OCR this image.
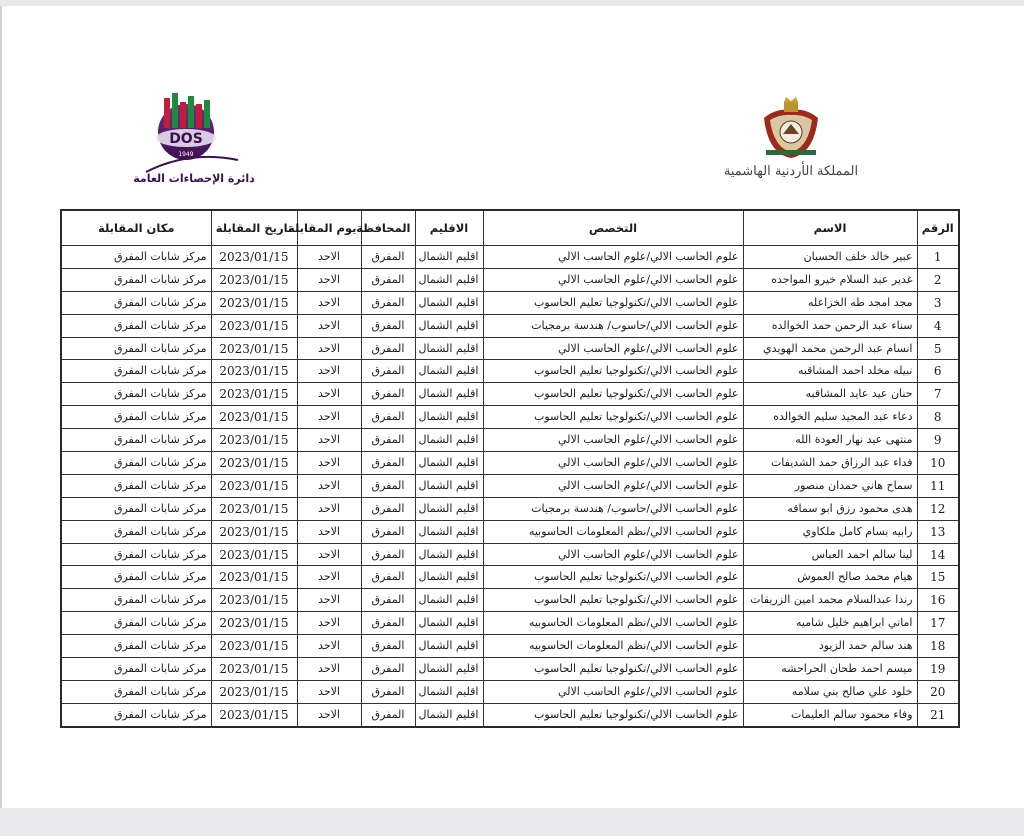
DOS
1949
دائرة الإحصاءات العامة	المملكة الأردنية الهاشمية
الرقم	الاسم	التخصص	الاقليم	المحافظة	يوم المقابلة	تاريخ المقابلة	مكان المقابلة
1	عبير خالد خلف الحسبان	علوم الحاسب الالي/علوم الحاسب الالي	اقليم الشمال	المفرق	الاحد	2023/01/15	مركز شابات المفرق
2	غدير عبد السلام خيرو المواجده	علوم الحاسب الالي/علوم الحاسب الالي	اقليم الشمال	المفرق	الاحد	2023/01/15	مركز شابات المفرق
3	مجد امجد طه الخزاعله	علوم الحاسب الالي/تكنولوجيا تعليم الحاسوب	اقليم الشمال	المفرق	الاحد	2023/01/15	مركز شابات المفرق
4	سناء عبد الرحمن حمد الخوالده	علوم الحاسب الالي/حاسوب/ هندسة برمجيات	اقليم الشمال	المفرق	الاحد	2023/01/15	مركز شابات المفرق
5	انسام عبد الرحمن محمد الهويدي	علوم الحاسب الالي/علوم الحاسب الالي	اقليم الشمال	المفرق	الاحد	2023/01/15	مركز شابات المفرق
6	نبيله مخلد احمد المشاقبه	علوم الحاسب الالي/تكنولوجيا تعليم الحاسوب	اقليم الشمال	المفرق	الاحد	2023/01/15	مركز شابات المفرق
7	حنان عيد عايد المشاقبه	علوم الحاسب الالي/تكنولوجيا تعليم الحاسوب	اقليم الشمال	المفرق	الاحد	2023/01/15	مركز شابات المفرق
8	دعاء عبد المجيد سليم الخوالده	علوم الحاسب الالي/تكنولوجيا تعليم الحاسوب	اقليم الشمال	المفرق	الاحد	2023/01/15	مركز شابات المفرق
9	منتهى عيد نهار العودة الله	علوم الحاسب الالي/علوم الحاسب الالي	اقليم الشمال	المفرق	الاحد	2023/01/15	مركز شابات المفرق
10	فداء عبد الرزاق حمد الشديفات	علوم الحاسب الالي/علوم الحاسب الالي	اقليم الشمال	المفرق	الاحد	2023/01/15	مركز شابات المفرق
11	سماح هاني حمدان منصور	علوم الحاسب الالي/علوم الحاسب الالي	اقليم الشمال	المفرق	الاحد	2023/01/15	مركز شابات المفرق
12	هدى محمود رزق ابو سماقه	علوم الحاسب الالي/حاسوب/ هندسة برمجيات	اقليم الشمال	المفرق	الاحد	2023/01/15	مركز شابات المفرق
13	رابيه بسام كامل ملكاوي	علوم الحاسب الالي/نظم المعلومات الحاسوبيه	اقليم الشمال	المفرق	الاحد	2023/01/15	مركز شابات المفرق
14	لينا سالم احمد العباس	علوم الحاسب الالي/علوم الحاسب الالي	اقليم الشمال	المفرق	الاحد	2023/01/15	مركز شابات المفرق
15	هيام محمد صالح العموش	علوم الحاسب الالي/تكنولوجيا تعليم الحاسوب	اقليم الشمال	المفرق	الاحد	2023/01/15	مركز شابات المفرق
16	رندا عبدالسلام محمد امين الزريقات	علوم الحاسب الالي/تكنولوجيا تعليم الحاسوب	اقليم الشمال	المفرق	الاحد	2023/01/15	مركز شابات المفرق
17	اماني ابراهيم خليل شاميه	علوم الحاسب الالي/نظم المعلومات الحاسوبيه	اقليم الشمال	المفرق	الاحد	2023/01/15	مركز شابات المفرق
18	هند سالم حمد الزيود	علوم الحاسب الالي/نظم المعلومات الحاسوبيه	اقليم الشمال	المفرق	الاحد	2023/01/15	مركز شابات المفرق
19	ميسم احمد طحان الحراحشه	علوم الحاسب الالي/تكنولوجيا تعليم الحاسوب	اقليم الشمال	المفرق	الاحد	2023/01/15	مركز شابات المفرق
20	خلود علي صالح بني سلامه	علوم الحاسب الالي/علوم الحاسب الالي	اقليم الشمال	المفرق	الاحد	2023/01/15	مركز شابات المفرق
21	وفاء محمود سالم العليمات	علوم الحاسب الالي/تكنولوجيا تعليم الحاسوب	اقليم الشمال	المفرق	الاحد	2023/01/15	مركز شابات المفرق
